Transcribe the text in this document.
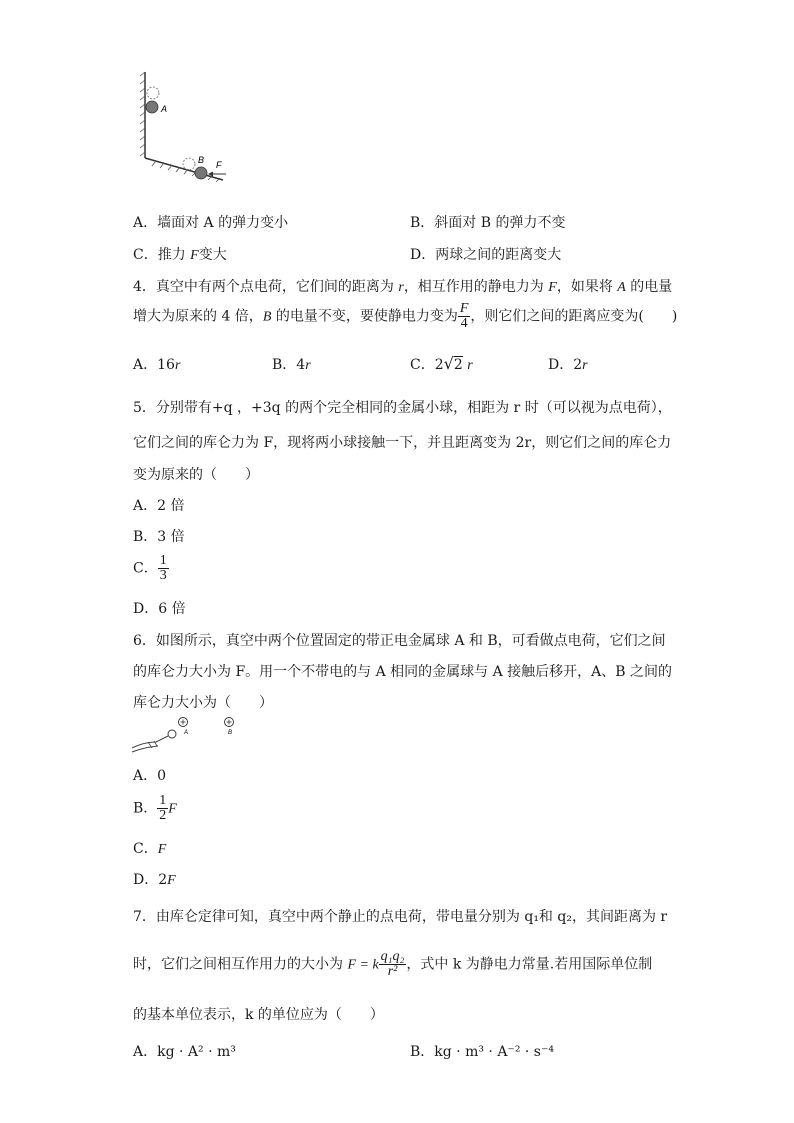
A
B F
A．墙面对 A 的弹力变小	B．斜面对 B 的弹力不变
C．推力 F变大	D．两球之间的距离变大
4．真空中有两个点电荷，它们间的距离为 r，相互作用的静电力为 F，如果将 A 的电量
增大为原来的 4 倍，B 的电量不变，要使静电力变为 $\frac{F}{4}$ ，则它们之间的距离应变为(　　)
A．16r	B．4r	C．2√2 r	D．2r
5．分别带有+q ，+3q 的两个完全相同的金属小球，相距为 r 时（可以视为点电荷），
它们之间的库仑力为 F，现将两小球接触一下，并且距离变为 2r，则它们之间的库仑力
变为原来的（　　）
A．2 倍
B．3 倍
C． $\frac{1}{3}$
D．6 倍
6．如图所示，真空中两个位置固定的带正电金属球 A 和 B，可看做点电荷，它们之间
的库仑力大小为 F。用一个不带电的与 A 相同的金属球与 A 接触后移开，A、B 之间的
库仑力大小为（　　）
A	B
A．0
B． $\frac{1}{2}$ F
C．F
D．2F
7．由库仑定律可知，真空中两个静止的点电荷，带电量分别为 q₁和 q₂，其间距离为 r
时，它们之间相互作用力的大小为 F = k $\frac{\text{q₁q₂}}{\text{r²}}$ ，式中 k 为静电力常量.若用国际单位制
的基本单位表示，k 的单位应为（　　）
A．kg · A² · m³	B．kg · m³ · A⁻² · s⁻⁴
